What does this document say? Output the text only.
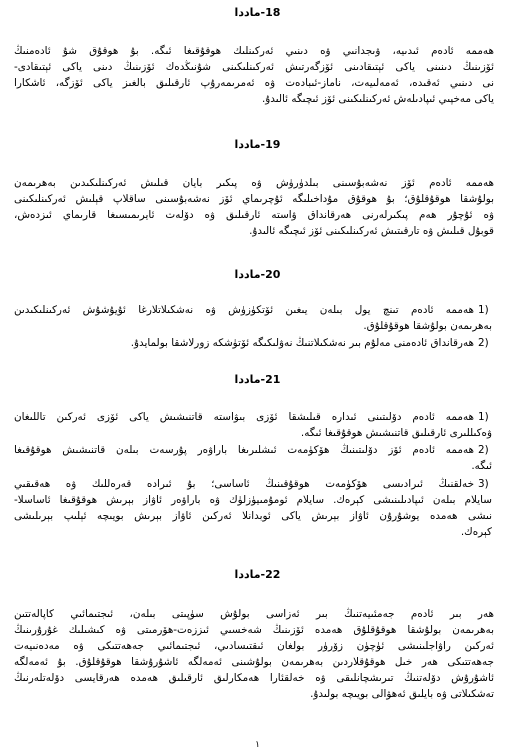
18-ماددا
ھەممە ئادەم ئىدىيە، ۋىجدانىي ۋە دىنىي ئەركىنلىك ھوقۇقىغا ئىگە. بۇ ھوقۇق شۇ ئادەمنىڭ
ئۆزىنىڭ دىنىنى ياكى ئېتىقادىنى ئۆزگەرتىش ئەركىنلىكىنى شۇنىڭدەك ئۆزىنىڭ دىنى ياكى ئېتىقادى-
نى دىنىي ئەقىدە، ئەمەلىيەت، ناماز-ئىبادەت ۋە ئەمرىمەرۇپ ئارقىلىق بالغىز ياكى ئۆزگە، ئاشكارا
ياكى مەخپىي ئىپادىلەش ئەركىنلىكىنى ئۆز ئىچىگە ئالىدۇ.
19-ماددا
ھەممە ئادەم ئۆز نەشەبۇسىنى بىلدۈرۈش ۋە پىكىر بايان قىلىش ئەركىنلىكىدىن بەھرىمەن
بولۇشقا ھوقۇقلۇق؛ بۇ ھوقۇق مۇداخىلىگە ئۇچرىماي ئۆز نەشەبۇسىنى ساقلاپ قېلىش ئەركىنلىكىنى
ۋە ئۇچۇر ھەم پىكىرلەرنى ھەرقانداق ۋاستە ئارقىلىق ۋە دۆلەت ئايرىمىسىغا قارىماي ئىزدەش،
قوبۇل قىلىش ۋە تارقىتىش ئەركىنلىكىنى ئۆز ئىچىگە ئالىدۇ.
20-ماددا
1)
ھەممە ئادەم تىنچ يول بىلەن يىغىن ئۆتكۈزۈش ۋە نەشكىلاتلارغا ئۇيۇشۇش ئەركىنلىكىدىن
بەھرىمەن بولۇشقا ھوقۇقلۇق.
2)
ھەرقانداق ئادەمنى مەلۇم بىر نەشكىلاتنىڭ نەۋلىكىگە ئۆتۈشكە زورلاشقا بولمايدۇ.
21-ماددا
1)
ھەممە ئادەم دۆلىتىنى ئىدارە قىلىشقا ئۆزى بىۋاستە قاتنىشىش ياكى ئۆزى ئەركىن تاللىغان
ۋەكىللىرى ئارقىلىق قاتنىشىش ھوقۇقىغا ئىگە.
2)
ھەممە ئادەم ئۆز دۆلىتىنىڭ ھۆكۈمەت ئىشلىرىغا باراۋەر پۇرسەت بىلەن قاتنىشىش ھوقۇقىغا
ئىگە.
3)
خەلقنىڭ ئىرادىسى ھۆكۈمەت ھوقۇقىنىڭ ئاساسى؛ بۇ ئىرادە قەرەللىك ۋە ھەقىقىي
سايلام بىلەن ئىپادىلىنىشى كېرەك. سايلام ئومۇمىيۈزلۈك ۋە باراۋەر ئاۋاز بېرىش ھوقۇقىغا ئاساسلا-
نىشى ھەمدە يوشۇرۇن ئاۋاز بېرىش ياكى ئوبدانلا ئەركىن ئاۋاز بېرىش بويىچە ئېلىپ بېرىلىشى
كېرەك.
22-ماددا
ھەر بىر ئادەم جەمئىيەتنىڭ بىر ئەزاسى بولۇش سۈپىتى بىلەن، ئىجتىمائىي كاپالەتتىن
بەھرىمەن بولۇشقا ھوقۇقلۇق ھەمدە ئۆزىنىڭ شەخسىي ئىززەت-ھۆرمىتى ۋە كىشىلىك غۇرۇرىنىڭ
ئەركىن راۋاجلىنىشى ئۈچۈن زۆرۈر بولغان ئىقتىسادىي، ئىجتىمائىي جەھەتتىكى ۋە مەدەنىيەت
جەھەتتىكى ھەر خىل ھوقۇقلاردىن بەھرىمەن بولۇشىنى ئەمەلگە ئاشۇرۇشقا ھوقۇقلۇق. بۇ ئەمەلگە
ئاشۇرۇش دۆلەتنىڭ تىرىشچانلىقى ۋە خەلقئارا ھەمكارلىق ئارقىلىق ھەمدە ھەرقايسى دۆلەتلەرنىڭ
تەشكىلاتى ۋە بايلىق ئەھۋالى بويىچە بولىدۇ.
١
